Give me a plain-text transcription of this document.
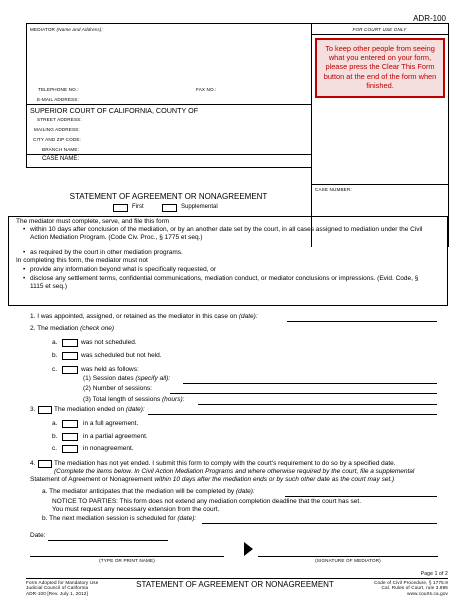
ADR-100
MEDIATOR (Name and Address):	FOR COURT USE ONLY
To keep other people from seeing what you entered on your form, please press the Clear This Form button at the end of the form when finished.
TELEPHONE NO.:	FAX NO.:
E-MAIL ADDRESS:
SUPERIOR COURT OF CALIFORNIA, COUNTY OF
STREET ADDRESS:
MAILING ADDRESS:
CITY AND ZIP CODE:
BRANCH NAME:
CASE NAME:
CASE NUMBER:
STATEMENT OF AGREEMENT OR NONAGREEMENT
First	Supplemental
The mediator must complete, serve, and file this form
• within 10 days after conclusion of the mediation, or by an another date set by the court, in all cases assigned to mediation under the Civil Action Mediation Program. (Code Civ. Proc., § 1775 et seq.)
• as required by the court in other mediation programs.
In completing this form, the mediator must not
• provide any information beyond what is specifically requested, or
• disclose any settlement terms, confidential communications, mediation conduct, or mediator conclusions or impressions. (Evid. Code, § 1115 et seq.)
1. I was appointed, assigned, or retained as the mediator in this case on (date):
2. The mediation (check one)
a.	was not scheduled.
b.	was scheduled but not held.
c.	was held as follows:
(1) Session dates (specify all):
(2) Number of sessions:
(3) Total length of sessions (hours):
3.	The mediation ended on (date):
a.	in a full agreement.
b.	in a partial agreement.
c.	in nonagreement.
4.	The mediation has not yet ended. I submit this form to comply with the court's requirement to do so by a specified date.
(Complete the items below. In Civil Action Mediation Programs and where otherwise required by the court, file a supplemental
Statement of Agreement or Nonagreement within 10 days after the mediation ends or by such other date as the court may set.)
a. The mediator anticipates that the mediation will be completed by (date):
NOTICE TO PARTIES: This form does not extend any mediation completion deadline that the court has set.
You must request any necessary extension from the court.
b. The next mediation session is scheduled for (date):
Date:
(TYPE OR PRINT NAME)	(SIGNATURE OF MEDIATOR)
Page 1 of 2
Form Adopted for Mandatory Use
Judicial Council of California
ADR-100 [Rev. July 1, 2012]
STATEMENT OF AGREEMENT OR NONAGREEMENT	Code of Civil Procedure, § 1775.9
Cal. Rules of Court, rule 3.895
www.courts.ca.gov
